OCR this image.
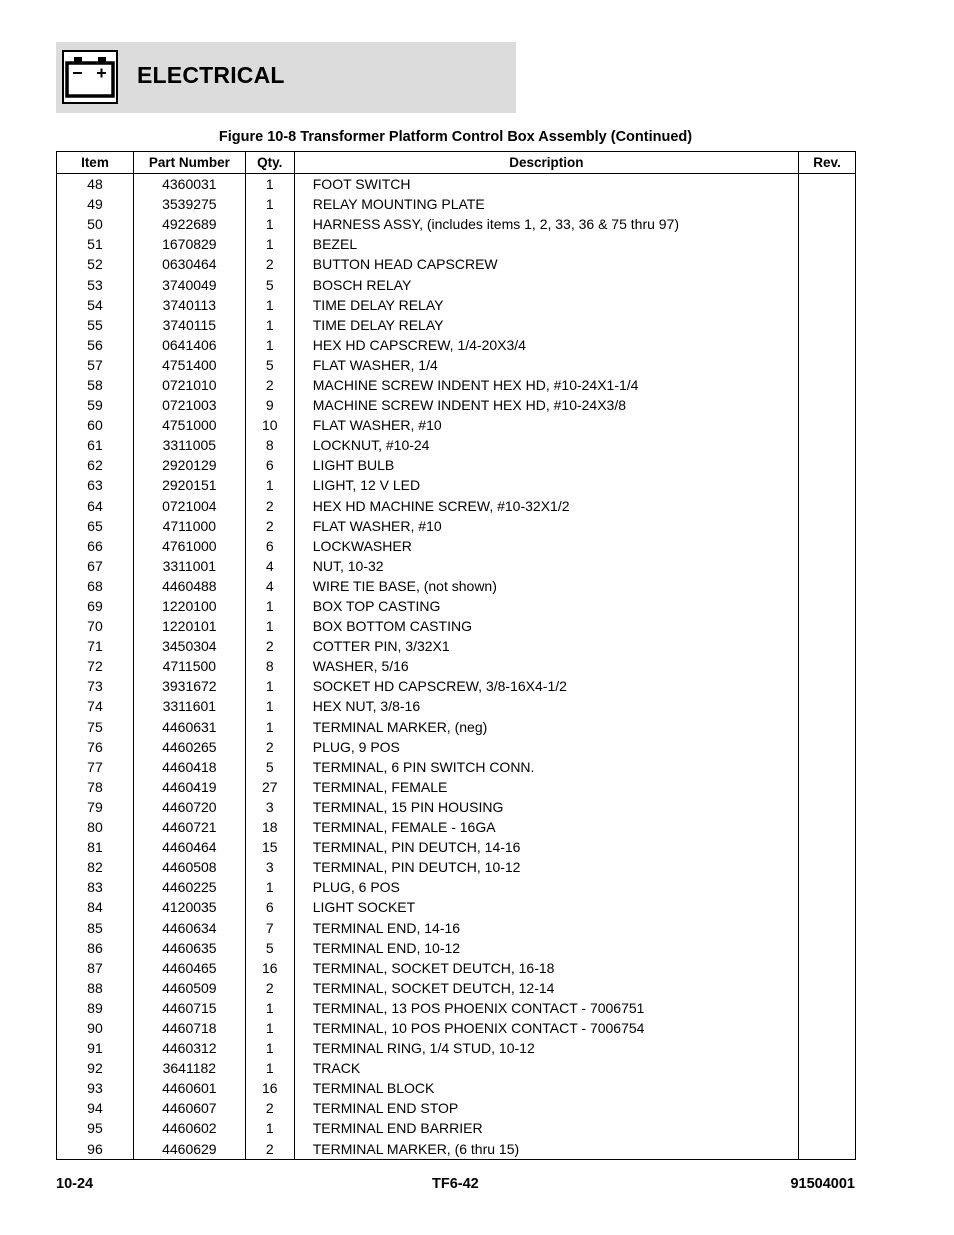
ELECTRICAL
Figure 10-8 Transformer Platform Control Box Assembly (Continued)
Item	Part Number	Qty.	Description	Rev.
48	4360031	1	FOOT SWITCH	
49	3539275	1	RELAY MOUNTING PLATE	
50	4922689	1	HARNESS ASSY, (includes items 1, 2, 33, 36 & 75 thru 97)	
51	1670829	1	BEZEL	
52	0630464	2	BUTTON HEAD CAPSCREW	
53	3740049	5	BOSCH RELAY	
54	3740113	1	TIME DELAY RELAY	
55	3740115	1	TIME DELAY RELAY	
56	0641406	1	HEX HD CAPSCREW, 1/4-20X3/4	
57	4751400	5	FLAT WASHER, 1/4	
58	0721010	2	MACHINE SCREW INDENT HEX HD, #10-24X1-1/4	
59	0721003	9	MACHINE SCREW INDENT HEX HD, #10-24X3/8	
60	4751000	10	FLAT WASHER, #10	
61	3311005	8	LOCKNUT, #10-24	
62	2920129	6	LIGHT BULB	
63	2920151	1	LIGHT, 12 V LED	
64	0721004	2	HEX HD MACHINE SCREW, #10-32X1/2	
65	4711000	2	FLAT WASHER, #10	
66	4761000	6	LOCKWASHER	
67	3311001	4	NUT, 10-32	
68	4460488	4	WIRE TIE BASE, (not shown)	
69	1220100	1	BOX TOP CASTING	
70	1220101	1	BOX BOTTOM CASTING	
71	3450304	2	COTTER PIN, 3/32X1	
72	4711500	8	WASHER, 5/16	
73	3931672	1	SOCKET HD CAPSCREW, 3/8-16X4-1/2	
74	3311601	1	HEX NUT, 3/8-16	
75	4460631	1	TERMINAL MARKER, (neg)	
76	4460265	2	PLUG, 9 POS	
77	4460418	5	TERMINAL, 6 PIN SWITCH CONN.	
78	4460419	27	TERMINAL, FEMALE	
79	4460720	3	TERMINAL, 15 PIN HOUSING	
80	4460721	18	TERMINAL, FEMALE - 16GA	
81	4460464	15	TERMINAL, PIN DEUTCH, 14-16	
82	4460508	3	TERMINAL, PIN DEUTCH, 10-12	
83	4460225	1	PLUG, 6 POS	
84	4120035	6	LIGHT SOCKET	
85	4460634	7	TERMINAL END, 14-16	
86	4460635	5	TERMINAL END, 10-12	
87	4460465	16	TERMINAL, SOCKET DEUTCH, 16-18	
88	4460509	2	TERMINAL, SOCKET DEUTCH, 12-14	
89	4460715	1	TERMINAL, 13 POS PHOENIX CONTACT - 7006751	
90	4460718	1	TERMINAL, 10 POS PHOENIX CONTACT - 7006754	
91	4460312	1	TERMINAL RING, 1/4 STUD, 10-12	
92	3641182	1	TRACK	
93	4460601	16	TERMINAL BLOCK	
94	4460607	2	TERMINAL END STOP	
95	4460602	1	TERMINAL END BARRIER	
96	4460629	2	TERMINAL MARKER, (6 thru 15)	
10-24	TF6-42	91504001
